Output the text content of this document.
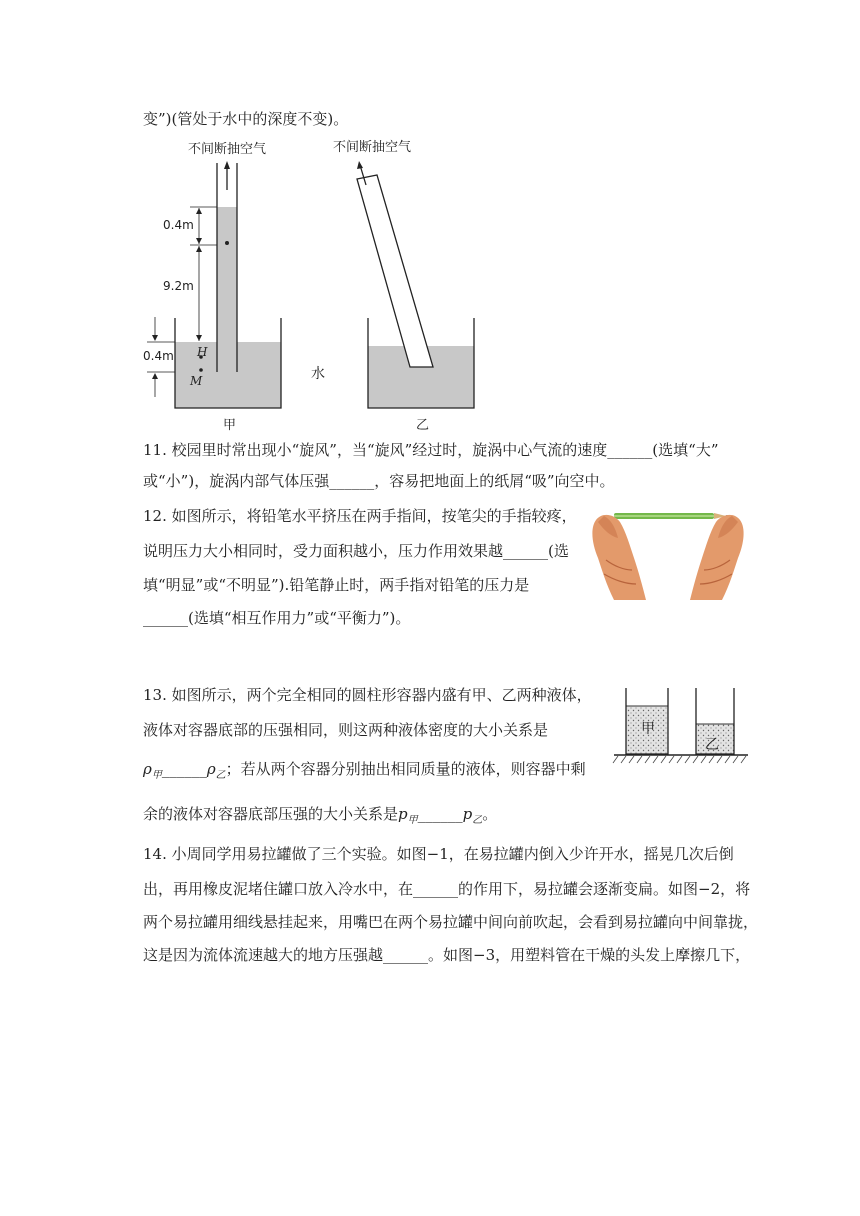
变”)(管处于水中的深度不变)。
不间断抽空气	不间断抽空气
0.4m
9.2m
0.4m H
M	水
甲	乙
11. 校园里时常出现小“旋风”，当“旋风”经过时，旋涡中心气流的速度______(选填“大”
或“小”)，旋涡内部气体压强______，容易把地面上的纸屑“吸”向空中。
12. 如图所示，将铅笔水平挤压在两手指间，按笔尖的手指较疼，
说明压力大小相同时，受力面积越小，压力作用效果越______(选
填“明显”或“不明显”).铅笔静止时，两手指对铅笔的压力是
______(选填“相互作用力”或“平衡力”)。
13. 如图所示，两个完全相同的圆柱形容器内盛有甲、乙两种液体，
液体对容器底部的压强相同，则这两种液体密度的大小关系是
$\rho_甲\_\_\_\_\_\_\rho_乙$；若从两个容器分别抽出相同质量的液体，则容器中剩
余的液体对容器底部压强的大小关系是$p_甲\_\_\_\_\_\_p_乙$。
甲
乙
14. 小周同学用易拉罐做了三个实验。如图−1，在易拉罐内倒入少许开水，摇晃几次后倒
出，再用橡皮泥堵住罐口放入冷水中，在______的作用下，易拉罐会逐渐变扁。如图−2，将
两个易拉罐用细线悬挂起来，用嘴巴在两个易拉罐中间向前吹起，会看到易拉罐向中间靠拢，
这是因为流体流速越大的地方压强越______。如图−3，用塑料管在干燥的头发上摩擦几下，
